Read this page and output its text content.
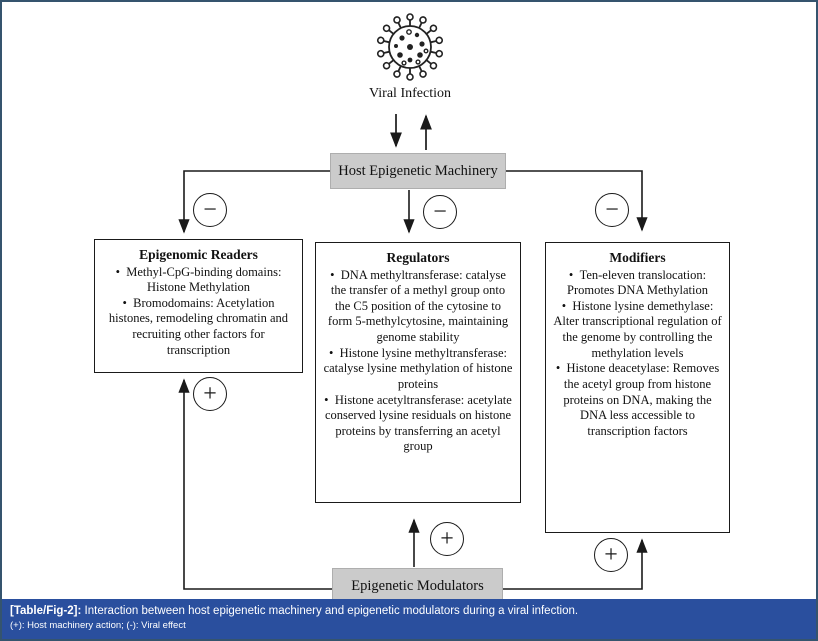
Viral Infection
Host Epigenetic Machinery
−	−	−
Epigenomic Readers
• Methyl-CpG-binding domains: Histone Methylation
• Bromodomains: Acetylation histones, remodeling chromatin and recruiting other factors for transcription
Regulators
• DNA methyltransferase: catalyse the transfer of a methyl group onto the C5 position of the cytosine to form 5-methylcytosine, maintaining genome stability
• Histone lysine methyltransferase: catalyse lysine methylation of histone proteins
• Histone acetyltransferase: acetylate conserved lysine residuals on histone proteins by transferring an acetyl group
Modifiers
• Ten-eleven translocation: Promotes DNA Methylation
• Histone lysine demethylase: Alter transcriptional regulation of the genome by controlling the methylation levels
• Histone deacetylase: Removes the acetyl group from histone proteins on DNA, making the DNA less accessible to transcription factors
+
+
+
Epigenetic Modulators
[Table/Fig-2]: Interaction between host epigenetic machinery and epigenetic modulators during a viral infection.
(+): Host machinery action; (-): Viral effect
